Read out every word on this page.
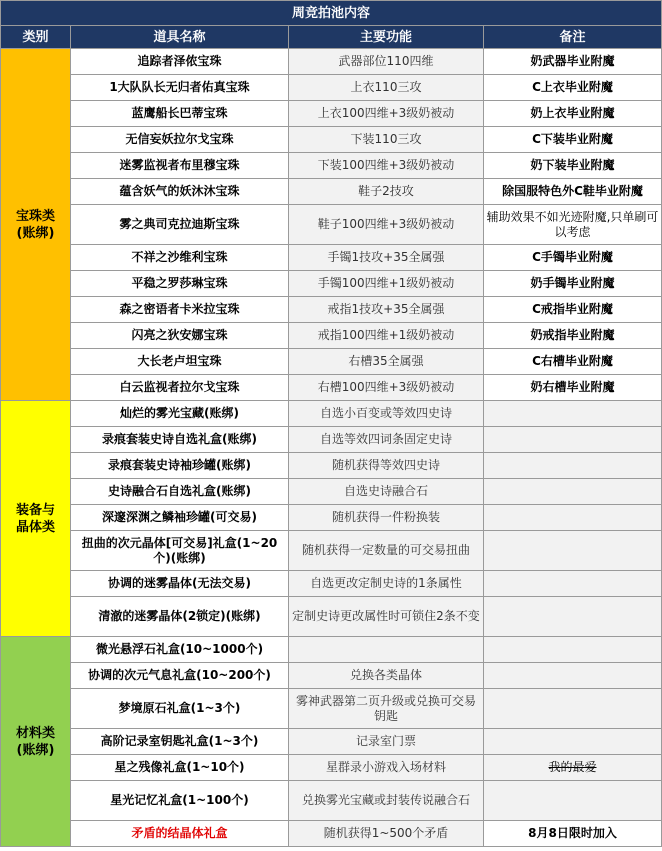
周竞拍池内容			
类别	道具名称	主要功能	备注
宝珠类
(账绑)	追踪者泽侬宝珠	武器部位110四维	奶武器毕业附魔
	1大队队长无归者佑真宝珠	上衣110三攻	C上衣毕业附魔
	蓝鹰船长巴蒂宝珠	上衣100四维+3级奶被动	奶上衣毕业附魔
	无信妄妖拉尔戈宝珠	下装110三攻	C下装毕业附魔
	迷雾监视者布里穆宝珠	下装100四维+3级奶被动	奶下装毕业附魔
	蕴含妖气的妖沐沐宝珠	鞋子2技攻	除国服特色外C鞋毕业附魔
	雾之典司克拉迪斯宝珠	鞋子100四维+3级奶被动	辅助效果不如光迹附魔,只单刷可以考虑
	不祥之沙维利宝珠	手镯1技攻+35全属强	C手镯毕业附魔
	平稳之罗莎琳宝珠	手镯100四维+1级奶被动	奶手镯毕业附魔
	森之密语者卡米拉宝珠	戒指1技攻+35全属强	C戒指毕业附魔
	闪亮之狄安娜宝珠	戒指100四维+1级奶被动	奶戒指毕业附魔
	大长老卢坦宝珠	右槽35全属强	C右槽毕业附魔
	白云监视者拉尔戈宝珠	右槽100四维+3级奶被动	奶右槽毕业附魔
装备与
晶体类	灿烂的雾光宝藏(账绑)	自选小百变或等效四史诗	
	录痕套装史诗自选礼盒(账绑)	自选等效四词条固定史诗	
	录痕套装史诗袖珍罐(账绑)	随机获得等效四史诗	
	史诗融合石自选礼盒(账绑)	自选史诗融合石	
	深邃深渊之鳞袖珍罐(可交易)	随机获得一件粉换装	
	扭曲的次元晶体[可交易]礼盒(1~20个)(账绑)	随机获得一定数量的可交易扭曲	
	协调的迷雾晶体(无法交易)	自选更改定制史诗的1条属性	
	清澈的迷雾晶体(2锁定)(账绑)	定制史诗更改属性时可锁住2条不变	
材料类
(账绑)	微光悬浮石礼盒(10~1000个)		
	协调的次元气息礼盒(10~200个)	兑换各类晶体	
	梦境原石礼盒(1~3个)	雾神武器第二页升级或兑换可交易钥匙	
	高阶记录室钥匙礼盒(1~3个)	记录室门票	
	星之残像礼盒(1~10个)	星群录小游戏入场材料	我的最爱
	星光记忆礼盒(1~100个)	兑换雾光宝藏或封装传说融合石	
	矛盾的结晶体礼盒	随机获得1~500个矛盾	8月8日限时加入
